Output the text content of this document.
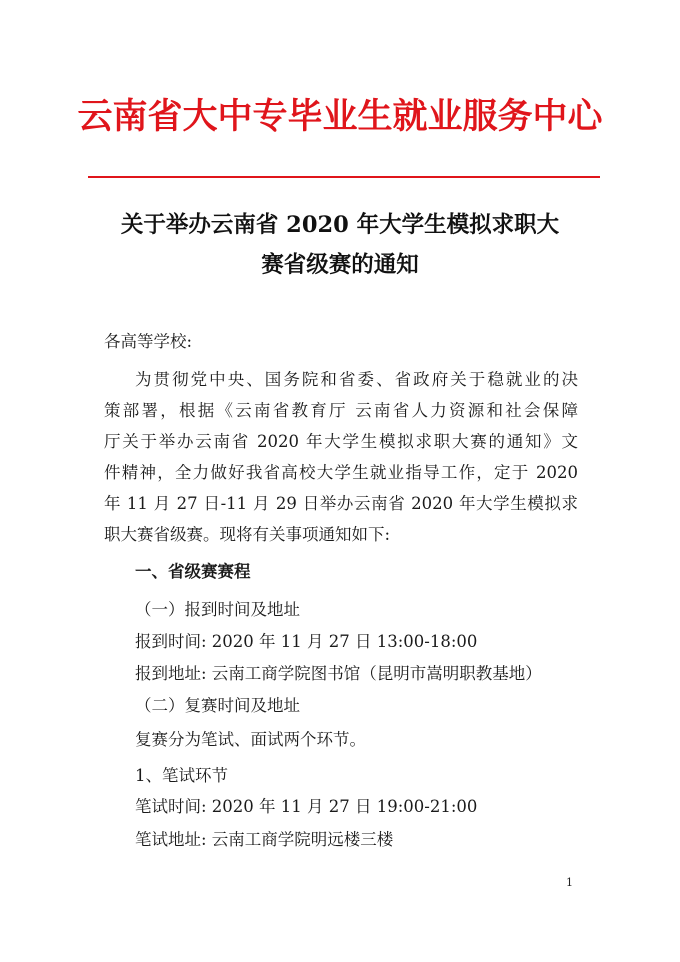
云南省大中专毕业生就业服务中心
关于举办云南省 2020 年大学生模拟求职大
赛省级赛的通知
各高等学校:
为贯彻党中央、国务院和省委、省政府关于稳就业的决
策部署，根据《云南省教育厅 云南省人力资源和社会保障
厅关于举办云南省 2020 年大学生模拟求职大赛的通知》文
件精神，全力做好我省高校大学生就业指导工作，定于 2020
年 11 月 27 日-11 月 29 日举办云南省 2020 年大学生模拟求
职大赛省级赛。现将有关事项通知如下:
一、省级赛赛程
（一）报到时间及地址
报到时间: 2020 年 11 月 27 日 13:00-18:00
报到地址: 云南工商学院图书馆（昆明市嵩明职教基地）
（二）复赛时间及地址
复赛分为笔试、面试两个环节。
1、笔试环节
笔试时间: 2020 年 11 月 27 日 19:00-21:00
笔试地址: 云南工商学院明远楼三楼
1
